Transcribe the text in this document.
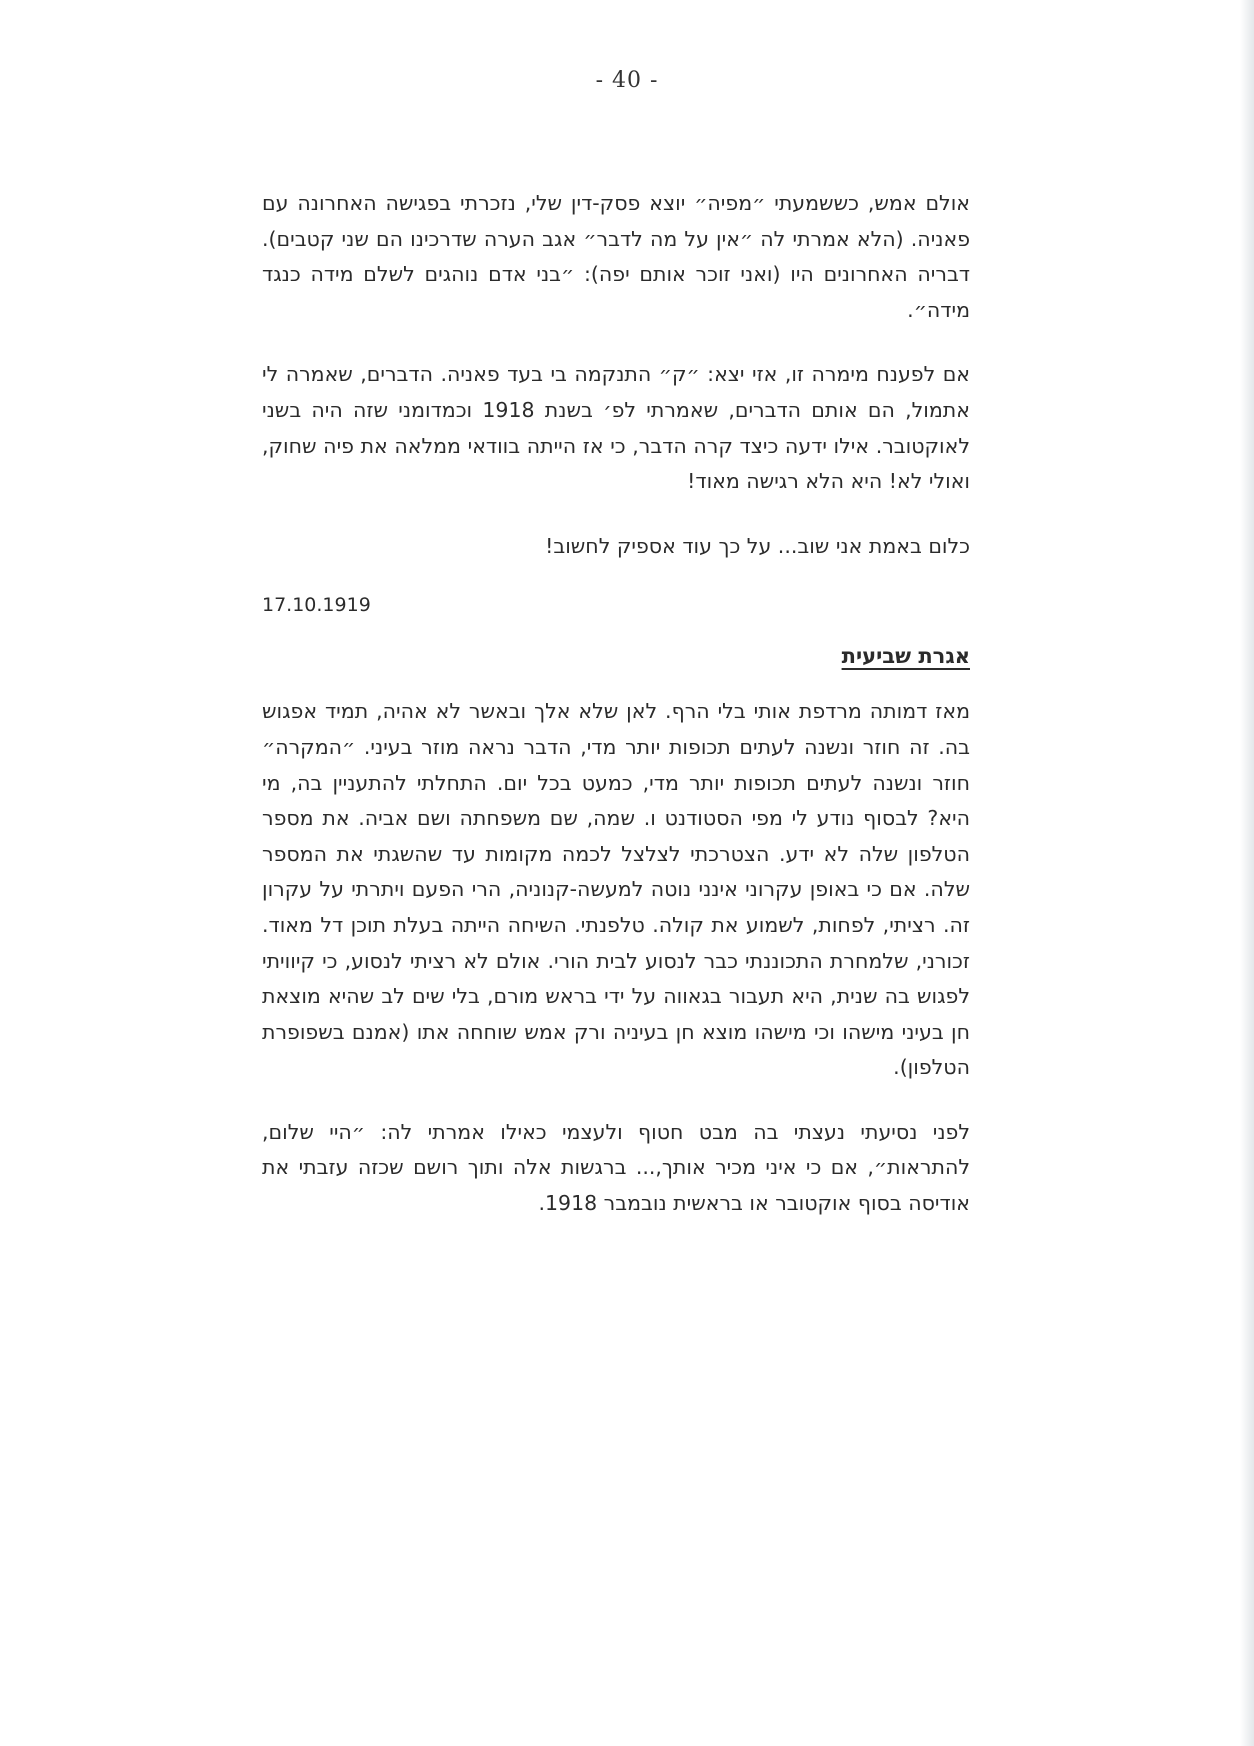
- 40 -

אולם אמש, כששמעתי ״מפיה״ יוצא פסק-דין שלי, נזכרתי בפגישה האחרונה עם פאניה. (הלא אמרתי לה ״אין על מה לדבר״ אגב הערה שדרכינו הם שני קטבים). דבריה האחרונים היו (ואני זוכר אותם יפה): ״בני אדם נוהגים לשלם מידה כנגד מידה״.

אם לפענח מימרה זו, אזי יצא: ״ק״ התנקמה בי בעד פאניה. הדברים, שאמרה לי אתמול, הם אותם הדברים, שאמרתי לפ׳ בשנת 1918 וכמדומני שזה היה בשני לאוקטובר. אילו ידעה כיצד קרה הדבר, כי אז הייתה בוודאי ממלאה את פיה שחוק, ואולי לא! היא הלא רגישה מאוד!

כלום באמת אני שוב... על כך עוד אספיק לחשוב!

17.10.1919
אגרת שביעית

מאז דמותה מרדפת אותי בלי הרף. לאן שלא אלך ובאשר לא אהיה, תמיד אפגוש בה. זה חוזר ונשנה לעתים תכופות יותר מדי, הדבר נראה מוזר בעיני. ״המקרה״ חוזר ונשנה לעתים תכופות יותר מדי, כמעט בכל יום. התחלתי להתעניין בה, מי היא? לבסוף נודע לי מפי הסטודנט ו. שמה, שם משפחתה ושם אביה. את מספר הטלפון שלה לא ידע. הצטרכתי לצלצל לכמה מקומות עד שהשגתי את המספר שלה. אם כי באופן עקרוני אינני נוטה למעשה-קנוניה, הרי הפעם ויתרתי על עקרון זה. רציתי, לפחות, לשמוע את קולה. טלפנתי. השיחה הייתה בעלת תוכן דל מאוד. זכורני, שלמחרת התכוננתי כבר לנסוע לבית הורי. אולם לא רציתי לנסוע, כי קיוויתי לפגוש בה שנית, היא תעבור בגאווה על ידי בראש מורם, בלי שים לב שהיא מוצאת חן בעיני מישהו וכי מישהו מוצא חן בעיניה ורק אמש שוחחה אתו (אמנם בשפופרת הטלפון).

לפני נסיעתי נעצתי בה מבט חטוף ולעצמי כאילו אמרתי לה: ״היי שלום, להתראות״, אם כי איני מכיר אותך,... ברגשות אלה ותוך רושם שכזה עזבתי את אודיסה בסוף אוקטובר או בראשית נובמבר 1918.
